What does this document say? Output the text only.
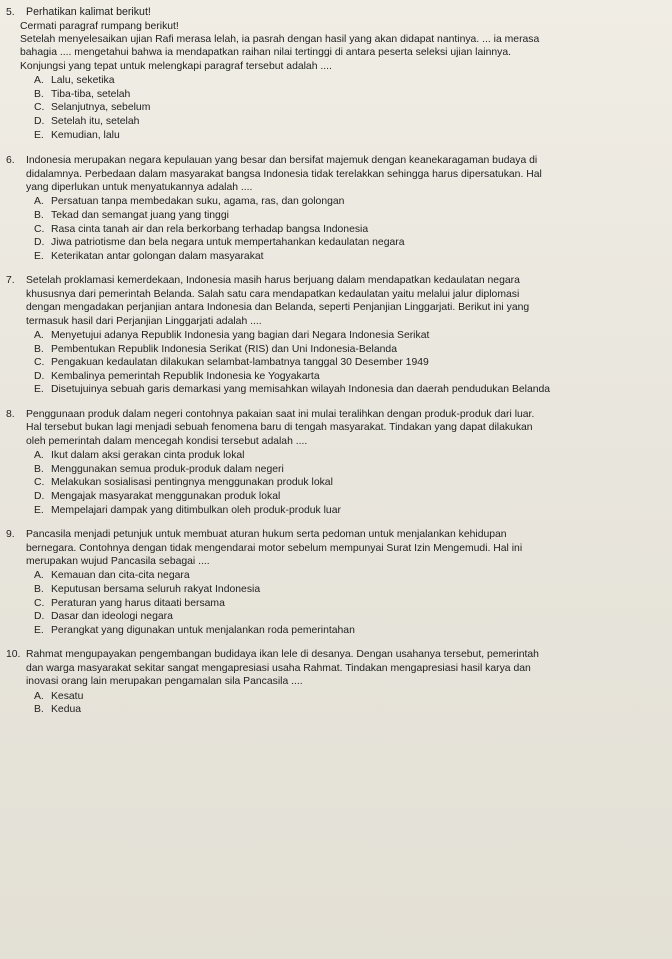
5.	Perhatikan kalimat berikut!
Cermati paragraf rumpang berikut!
Setelah menyelesaikan ujian Rafi merasa lelah, ia pasrah dengan hasil yang akan didapat nantinya. ... ia merasa
bahagia .... mengetahui bahwa ia mendapatkan raihan nilai tertinggi di antara peserta seleksi ujian lainnya.
Konjungsi yang tepat untuk melengkapi paragraf tersebut adalah ....
A. Lalu, seketika
B. Tiba-tiba, setelah
C. Selanjutnya, sebelum
D. Setelah itu, setelah
E. Kemudian, lalu
6.	Indonesia merupakan negara kepulauan yang besar dan bersifat majemuk dengan keanekaragaman budaya di
didalamnya. Perbedaan dalam masyarakat bangsa Indonesia tidak terelakkan sehingga harus dipersatukan. Hal
yang diperlukan untuk menyatukannya adalah ....
A. Persatuan tanpa membedakan suku, agama, ras, dan golongan
B. Tekad dan semangat juang yang tinggi
C. Rasa cinta tanah air dan rela berkorbang terhadap bangsa Indonesia
D. Jiwa patriotisme dan bela negara untuk mempertahankan kedaulatan negara
E. Keterikatan antar golongan dalam masyarakat
7.	Setelah proklamasi kemerdekaan, Indonesia masih harus berjuang dalam mendapatkan kedaulatan negara
khususnya dari pemerintah Belanda. Salah satu cara mendapatkan kedaulatan yaitu melalui jalur diplomasi
dengan mengadakan perjanjian antara Indonesia dan Belanda, seperti Penjanjian Linggarjati. Berikut ini yang
termasuk hasil dari Perjanjian Linggarjati adalah ....
A. Menyetujui adanya Republik Indonesia yang bagian dari Negara Indonesia Serikat
B. Pembentukan Republik Indonesia Serikat (RIS) dan Uni Indonesia-Belanda
C. Pengakuan kedaulatan dilakukan selambat-lambatnya tanggal 30 Desember 1949
D. Kembalinya pemerintah Republik Indonesia ke Yogyakarta
E. Disetujuinya sebuah garis demarkasi yang memisahkan wilayah Indonesia dan daerah pendudukan Belanda
8.	Penggunaan produk dalam negeri contohnya pakaian saat ini mulai teralihkan dengan produk-produk dari luar.
Hal tersebut bukan lagi menjadi sebuah fenomena baru di tengah masyarakat. Tindakan yang dapat dilakukan
oleh pemerintah dalam mencegah kondisi tersebut adalah ....
A. Ikut dalam aksi gerakan cinta produk lokal
B. Menggunakan semua produk-produk dalam negeri
C. Melakukan sosialisasi pentingnya menggunakan produk lokal
D. Mengajak masyarakat menggunakan produk lokal
E. Mempelajari dampak yang ditimbulkan oleh produk-produk luar
9.	Pancasila menjadi petunjuk untuk membuat aturan hukum serta pedoman untuk menjalankan kehidupan
bernegara. Contohnya dengan tidak mengendarai motor sebelum mempunyai Surat Izin Mengemudi. Hal ini
merupakan wujud Pancasila sebagai ....
A. Kemauan dan cita-cita negara
B. Keputusan bersama seluruh rakyat Indonesia
C. Peraturan yang harus ditaati bersama
D. Dasar dan ideologi negara
E. Perangkat yang digunakan untuk menjalankan roda pemerintahan
10. Rahmat mengupayakan pengembangan budidaya ikan lele di desanya. Dengan usahanya tersebut, pemerintah
dan warga masyarakat sekitar sangat mengapresiasi usaha Rahmat. Tindakan mengapresiasi hasil karya dan
inovasi orang lain merupakan pengamalan sila Pancasila ....
A. Kesatu
B. Kedua
